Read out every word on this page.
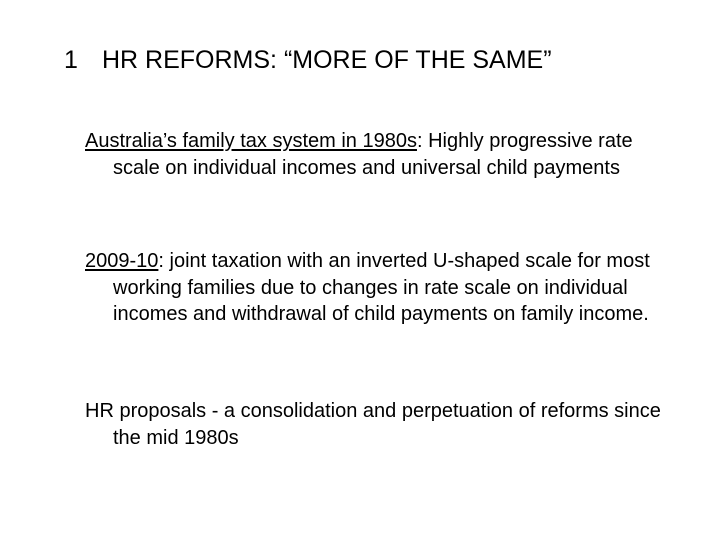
1 HR REFORMS: “MORE OF THE SAME”
Australia’s family tax system in 1980s: Highly progressive rate scale on individual incomes and universal child payments
2009-10: joint taxation with an inverted U-shaped scale for most working families due to changes in rate scale on individual incomes and withdrawal of child payments on family income.
HR proposals - a consolidation and perpetuation of reforms since the mid 1980s
